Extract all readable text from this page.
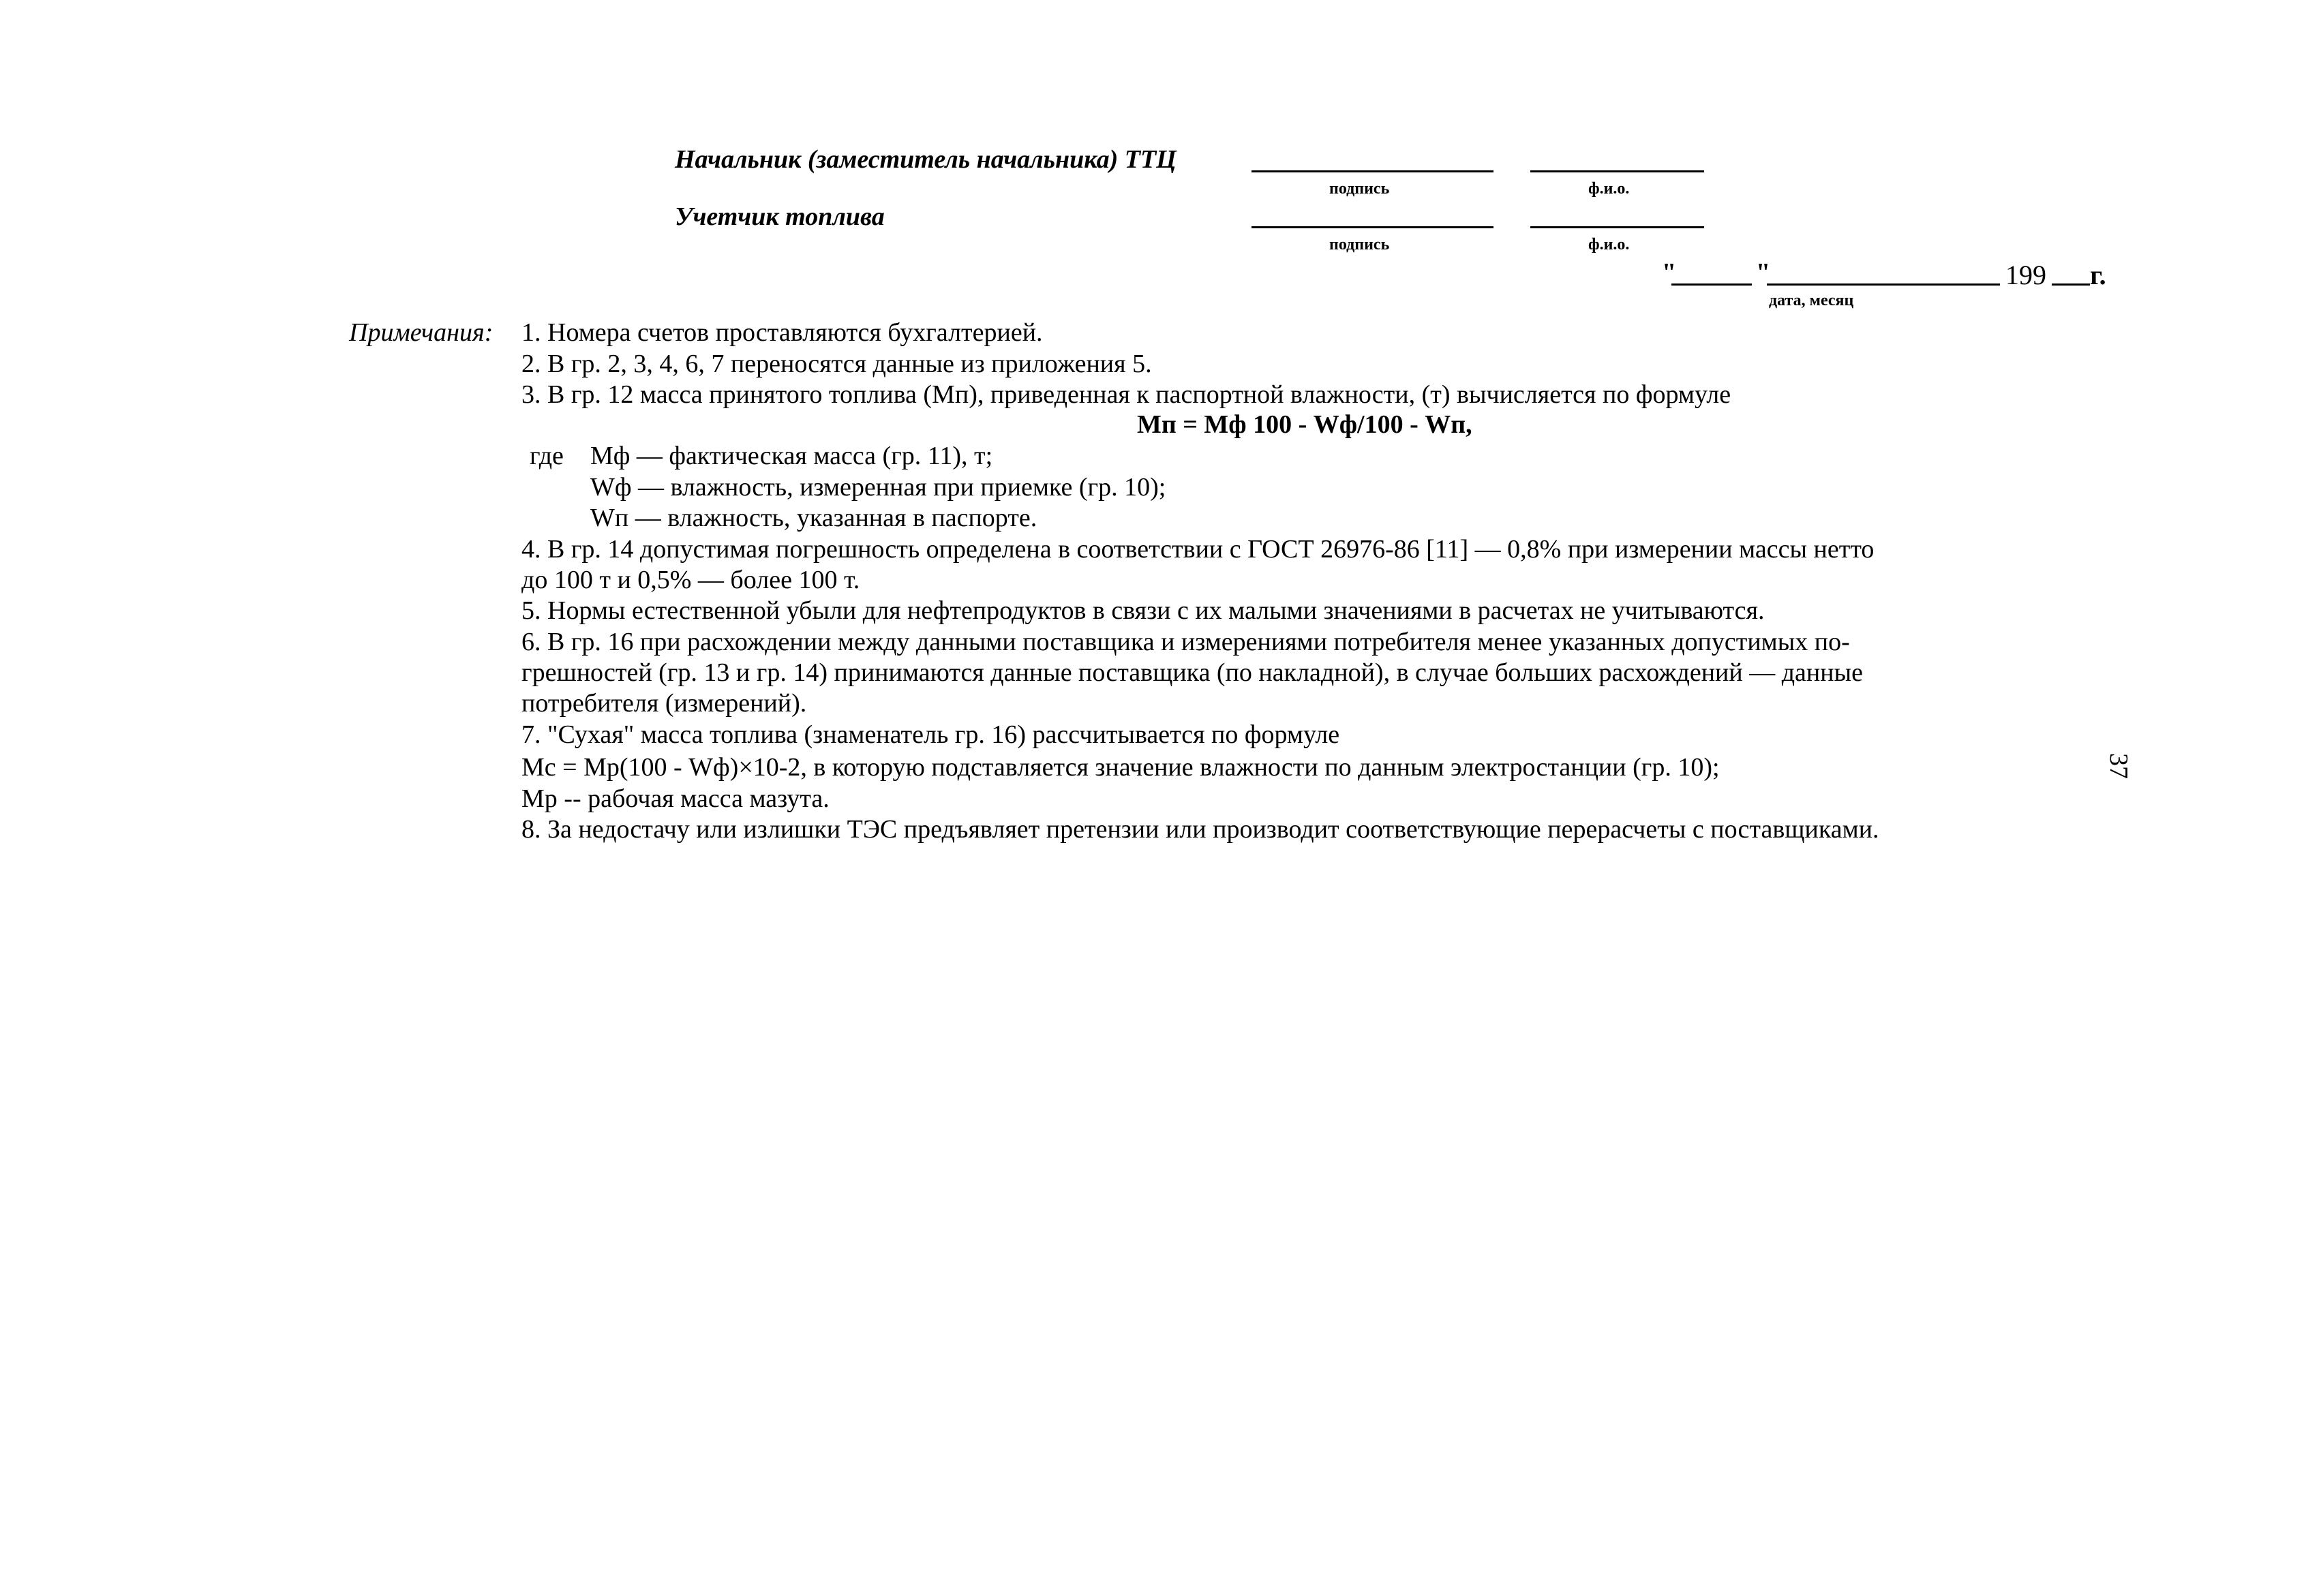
Начальник (заместитель начальника) ТТЦ
подпись	ф.и.о.
Учетчик топлива
подпись	ф.и.о.
"	"	199 г.
дата, месяц
Примечания: 1. Номера счетов проставляются бухгалтерией.
2. В гр. 2, 3, 4, 6, 7 переносятся данные из приложения 5.
3. В гр. 12 масса принятого топлива (Мп), приведенная к паспортной влажности, (т) вычисляется по формуле
Мп = Мф 100 - Wф/100 - Wп,
где Мф — фактическая масса (гр. 11), т;
Wф — влажность, измеренная при приемке (гр. 10);
Wп — влажность, указанная в паспорте.
4. В гр. 14 допустимая погрешность определена в соответствии с ГОСТ 26976-86 [11] — 0,8% при измерении массы нетто
до 100 т и 0,5% — более 100 т.
5. Нормы естественной убыли для нефтепродуктов в связи с их малыми значениями в расчетах не учитываются.
6. В гр. 16 при расхождении между данными поставщика и измерениями потребителя менее указанных допустимых по-
грешностей (гр. 13 и гр. 14) принимаются данные поставщика (по накладной), в случае больших расхождений — данные
потребителя (измерений).
7. "Сухая" масса топлива (знаменатель гр. 16) рассчитывается по формуле
Мс = Мр(100 - Wф)×10-2, в которую подставляется значение влажности по данным электростанции (гр. 10);
Мр -- рабочая масса мазута.
8. За недостачу или излишки ТЭС предъявляет претензии или производит соответствующие перерасчеты с поставщиками.
37
